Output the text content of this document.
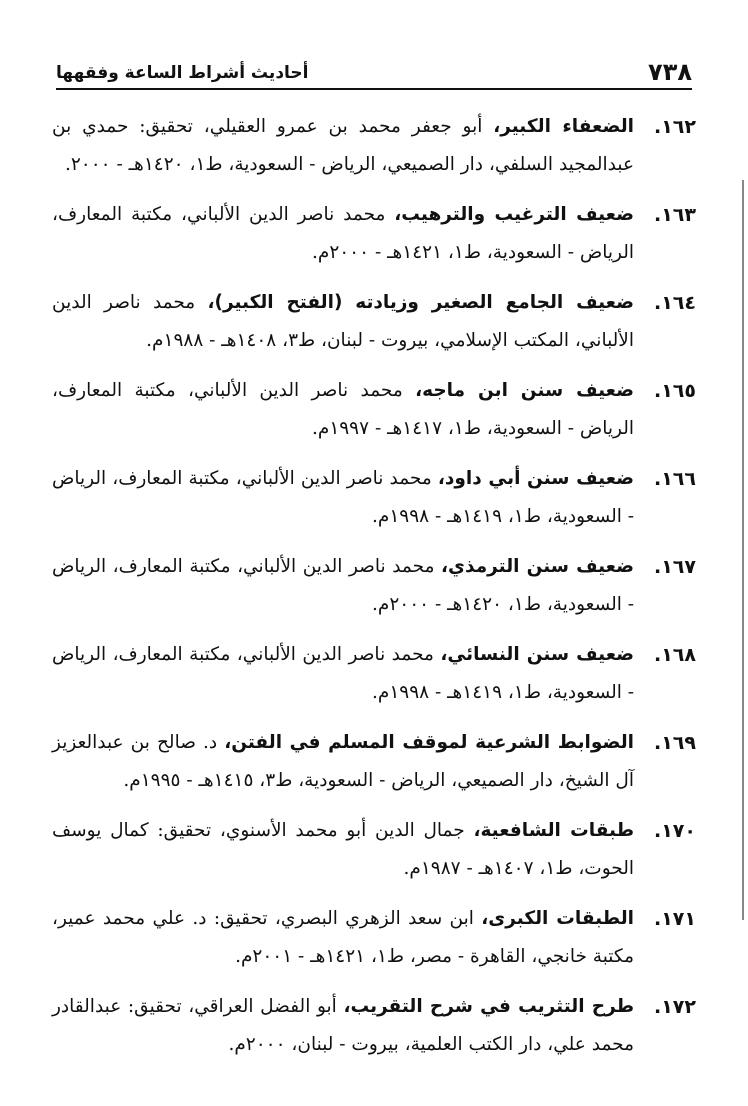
٧٣٨
أحاديث أشراط الساعة وفقهها
١٦٢.
الضعفاء الكبير، أبو جعفر محمد بن عمرو العقيلي، تحقيق: حمدي بن عبدالمجيد السلفي، دار الصميعي، الرياض - السعودية، ط١، ١٤٢٠هـ - ٢٠٠٠.
١٦٣.
ضعيف الترغيب والترهيب، محمد ناصر الدين الألباني، مكتبة المعارف، الرياض - السعودية، ط١، ١٤٢١هـ - ٢٠٠٠م.
١٦٤.
ضعيف الجامع الصغير وزيادته (الفتح الكبير)، محمد ناصر الدين الألباني، المكتب الإسلامي، بيروت - لبنان، ط٣، ١٤٠٨هـ - ١٩٨٨م.
١٦٥.
ضعيف سنن ابن ماجه، محمد ناصر الدين الألباني، مكتبة المعارف، الرياض - السعودية، ط١، ١٤١٧هـ - ١٩٩٧م.
١٦٦.
ضعيف سنن أبي داود، محمد ناصر الدين الألباني، مكتبة المعارف، الرياض - السعودية، ط١، ١٤١٩هـ - ١٩٩٨م.
١٦٧.
ضعيف سنن الترمذي، محمد ناصر الدين الألباني، مكتبة المعارف، الرياض - السعودية، ط١، ١٤٢٠هـ - ٢٠٠٠م.
١٦٨.
ضعيف سنن النسائي، محمد ناصر الدين الألباني، مكتبة المعارف، الرياض - السعودية، ط١، ١٤١٩هـ - ١٩٩٨م.
١٦٩.
الضوابط الشرعية لموقف المسلم في الفتن، د. صالح بن عبدالعزيز آل الشيخ، دار الصميعي، الرياض - السعودية، ط٣، ١٤١٥هـ - ١٩٩٥م.
١٧٠.
طبقات الشافعية، جمال الدين أبو محمد الأسنوي، تحقيق: كمال يوسف الحوت، ط١، ١٤٠٧هـ - ١٩٨٧م.
١٧١.
الطبقات الكبرى، ابن سعد الزهري البصري، تحقيق: د. علي محمد عمير، مكتبة خانجي، القاهرة - مصر، ط١، ١٤٢١هـ - ٢٠٠١م.
١٧٢.
طرح التثريب في شرح التقريب، أبو الفضل العراقي، تحقيق: عبدالقادر محمد علي، دار الكتب العلمية، بيروت - لبنان، ٢٠٠٠م.
